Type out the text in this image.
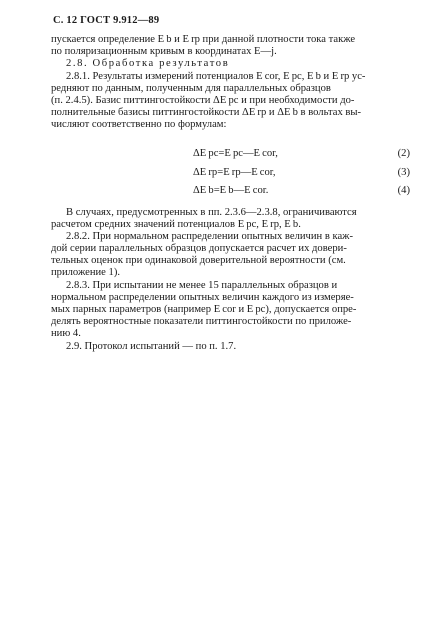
С. 12 ГОСТ 9.912—89
пускается определение E b и E rp при данной плотности тока также
по поляризационным кривым в координатах E—j.
2.8. Обработка результатов
2.8.1. Результаты измерений потенциалов E cor, E pc, E b и E rp ус-
редняют по данным, полученным для параллельных образцов
(п. 2.4.5). Базис питтингостойкости ΔE pc и при необходимости до-
полнительные базисы питтингостойкости ΔE rp и ΔE b в вольтах вы-
числяют соответственно по формулам:
ΔE pc=E pc—E cor,	(2)
ΔE rp=E rp—E cor,	(3)
ΔE b=E b—E cor.	(4)
В случаях, предусмотренных в пп. 2.3.6—2.3.8, ограничиваются
расчетом средних значений потенциалов E pc, E rp, E b.
2.8.2. При нормальном распределении опытных величин в каж-
дой серии параллельных образцов допускается расчет их довери-
тельных оценок при одинаковой доверительной вероятности (см.
приложение 1).
2.8.3. При испытании не менее 15 параллельных образцов и
нормальном распределении опытных величин каждого из измеряе-
мых парных параметров (например E cor и E pc), допускается опре-
делять вероятностные показатели питтингостойкости по приложе-
нию 4.
2.9. Протокол испытаний — по п. 1.7.
